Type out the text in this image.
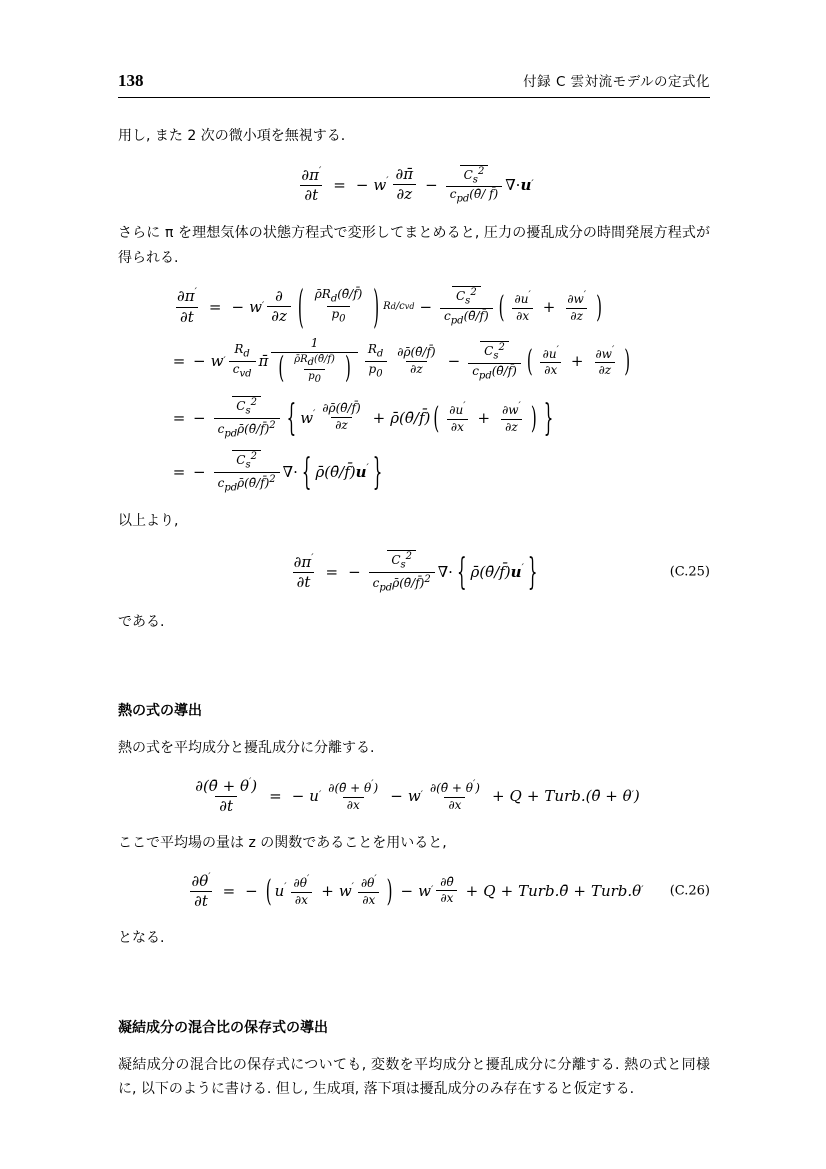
138	付録 C 雲対流モデルの定式化
用し, また 2 次の微小項を無視する.
$\frac{\partial\pi'}{\partial t}$ = − $w' \frac{\partial\pī}{\partial z} - \frac{C_s^2}{c_{pd}(\thetā/ f̄)}$ ∇· u ′
さらに π を理想気体の状態方程式で変形してまとめると, 圧力の擾乱成分の時間発展方程式が得られる.
$\frac{\partial\pi'}{\partial t}$ = − w ′ $\frac{\partial}{\partial z}$ ( $\frac{\rhōR_d(\thetā/f̄)}{p_0}$ ) $Rd/cvd - \frac{C_s^2}{c_{pd}(\thetā/f̄)}$ ( $\frac{\partial u'}{\partial x} + \frac{\partial w'}{\partial z}$ )
= − w ′ $\frac{R_d}{c_{vd}}$ π̄ $\frac{1}{( \frac{\rhōRd(\thetā/f̄)}{p0} )} \frac{R_d}{p_0} \frac{\partial\rhō(\thetā/f̄)}{\partial z} - \frac{C_s^2}{c_{pd}(\thetā/f̄)}$ ( $\frac{\partial u'}{\partial x} + \frac{\partial w'}{\partial z}$ )
= − $\frac{C_s^2}{c_{pd}\rhō(\thetā/f̄)^2}$ { $w' \frac{\partial\rhō(\thetā/f̄)}{\partial z}$ + ρ̄(θ̄/f̄) ( $\frac{\partial u'}{\partial x} + \frac{\partial w'}{\partial z}$ ) }
= − $\frac{C_s^2}{c_{pd}\rhō(\thetā/f̄)^2}$ ∇· { ρ̄(θ̄/f̄)u′ }
以上より,
$\frac{\partial\pi'}{\partial t}$ = − $\frac{C_s^2}{c_{pd}\rhō(\thetā/f̄)^2}$ ∇· { ρ̄(θ̄/f̄)u′ }	(C.25)
である.
熱の式の導出
熱の式を平均成分と擾乱成分に分離する.
$\frac{\partial(\thetā + \theta')}{\partial t}$ = − u ′ $\frac{\partial(\thetā + \theta')}{\partial x} - w$ ′ $\frac{\partial(\thetā + \theta')}{\partial x} + Q$ + Turb.(θ̄ + θ ′ )
ここで平均場の量は z の関数であることを用いると,
$\frac{\partial\theta'}{\partial t}$ = − ( $u' \frac{\partial\theta'}{\partial x} + w' \frac{\partial\theta'}{\partial x}$ ) − w ′ $\frac{\partial\thetā}{\partial x} + Q$ + Turb.θ̄ + Turb.θ ′ (C.26)
となる.
凝結成分の混合比の保存式の導出
凝結成分の混合比の保存式についても, 変数を平均成分と擾乱成分に分離する. 熱の式と同様に, 以下のように書ける. 但し, 生成項, 落下項は擾乱成分のみ存在すると仮定する.
